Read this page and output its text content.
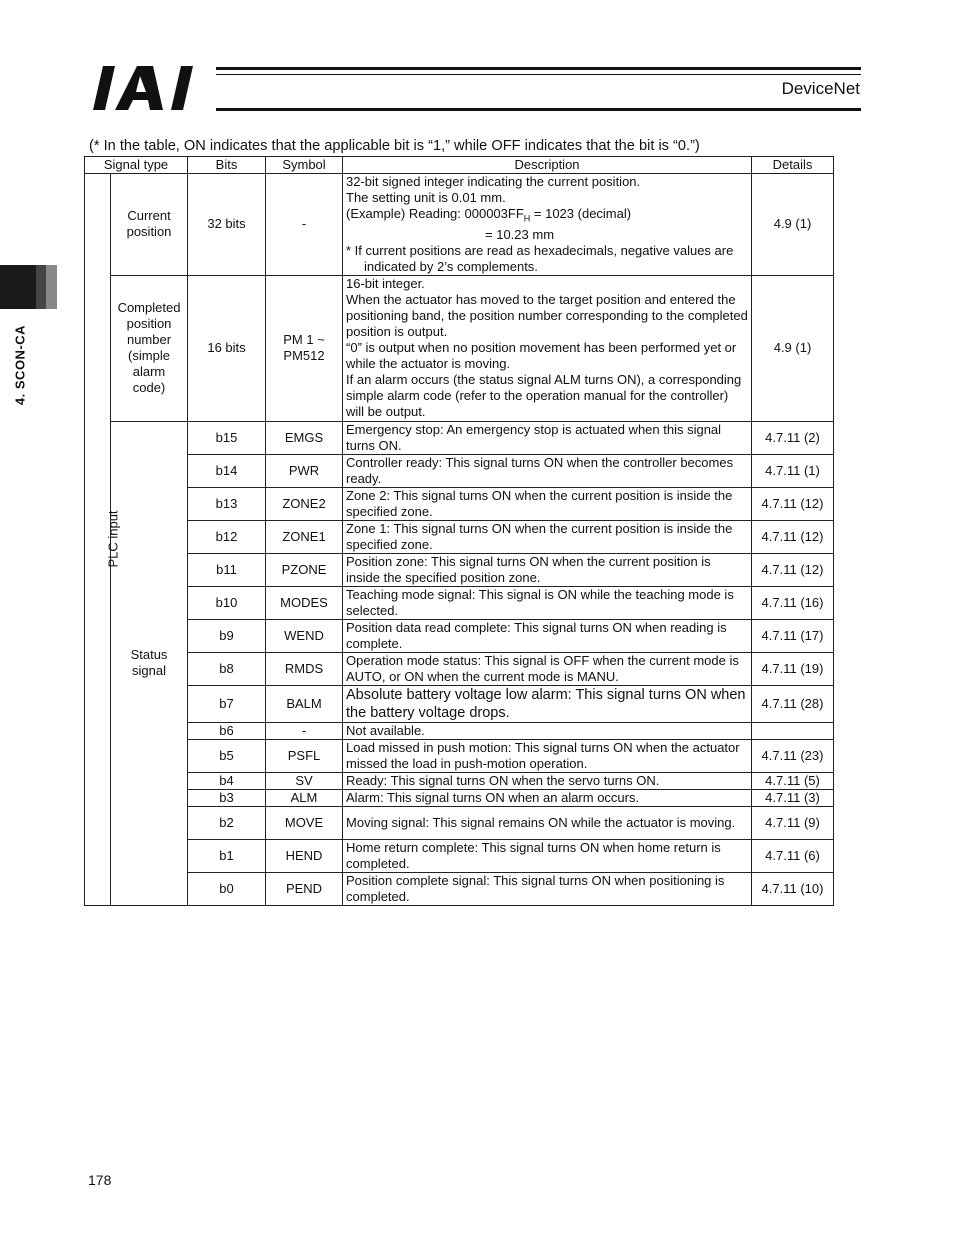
DeviceNet
4. SCON-CA
(* In the table, ON indicates that the applicable bit is “1,” while OFF indicates that the bit is “0.”)
Signal type		Bits	Symbol	Description	Details
PLC input	Current position	32 bits	-	32-bit signed integer indicating the current position.
The setting unit is 0.01 mm.
(Example) Reading: $000003FF_H = 1023$ (decimal)
= 10.23 mm

* If current positions are read as hexadecimals, negative values are indicated by 2’s complements.	4.9 (1)
	Completed position number (simple alarm code)	16 bits	PM 1 ~ PM512	16-bit integer.
When the actuator has moved to the target position and entered the positioning band, the position number corresponding to the completed position is output.
“0” is output when no position movement has been performed yet or while the actuator is moving.
If an alarm occurs (the status signal ALM turns ON), a corresponding simple alarm code (refer to the operation manual for the controller) will be output.	4.9 (1)
	Status signal	b15	EMGS	Emergency stop: An emergency stop is actuated when this signal turns ON.	4.7.11 (2)
		b14	PWR	Controller ready: This signal turns ON when the controller becomes ready.	4.7.11 (1)
		b13	ZONE2	Zone 2: This signal turns ON when the current position is inside the specified zone.	4.7.11 (12)
		b12	ZONE1	Zone 1: This signal turns ON when the current position is inside the specified zone.	4.7.11 (12)
		b11	PZONE	Position zone: This signal turns ON when the current position is inside the specified position zone.	4.7.11 (12)
		b10	MODES	Teaching mode signal: This signal is ON while the teaching mode is selected.	4.7.11 (16)
		b9	WEND	Position data read complete: This signal turns ON when reading is complete.	4.7.11 (17)
		b8	RMDS	Operation mode status: This signal is OFF when the current mode is AUTO, or ON when the current mode is MANU.	4.7.11 (19)
		b7	BALM	Absolute battery voltage low alarm: This signal turns ON when the battery voltage drops.	4.7.11 (28)
		b6	-	Not available.	
		b5	PSFL	Load missed in push motion: This signal turns ON when the actuator missed the load in push-motion operation.	4.7.11 (23)
		b4	SV	Ready: This signal turns ON when the servo turns ON.	4.7.11 (5)
		b3	ALM	Alarm: This signal turns ON when an alarm occurs.	4.7.11 (3)
		b2	MOVE	Moving signal: This signal remains ON while the actuator is moving.	4.7.11 (9)
		b1	HEND	Home return complete: This signal turns ON when home return is completed.	4.7.11 (6)
		b0	PEND	Position complete signal: This signal turns ON when positioning is completed.	4.7.11 (10)
178
